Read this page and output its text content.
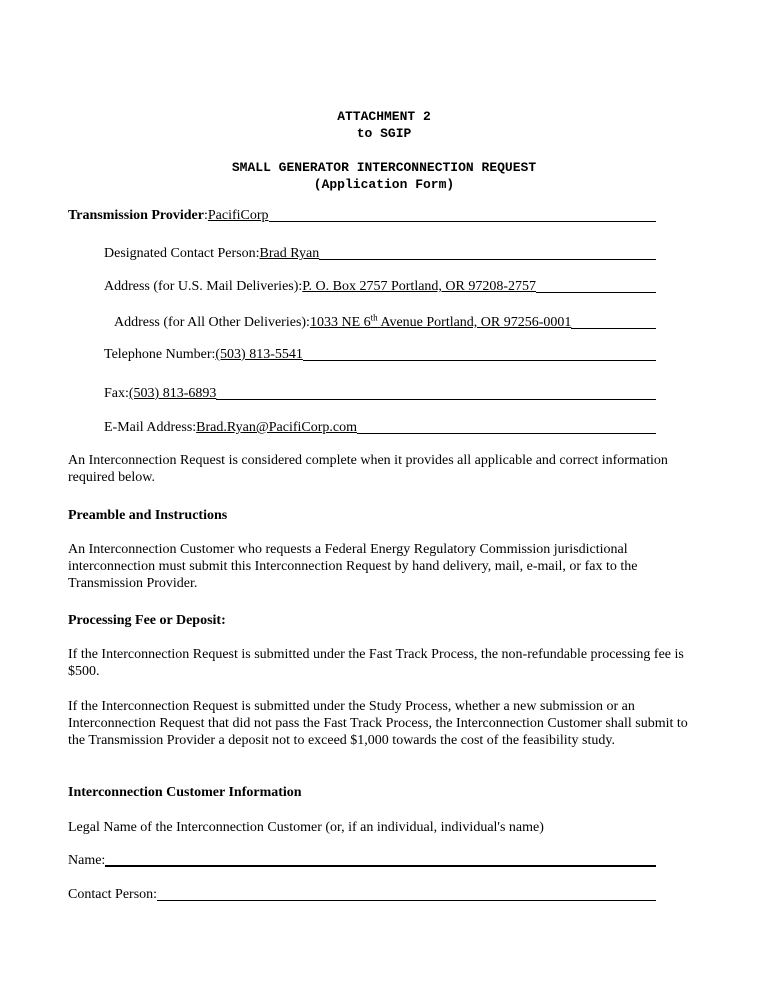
ATTACHMENT 2
to SGIP
SMALL GENERATOR INTERCONNECTION REQUEST
(Application Form)
Transmission Provider : PacifiCorp
Designated Contact Person: Brad Ryan
Address (for U.S. Mail Deliveries): P. O. Box 2757 Portland, OR 97208-2757
Address (for All Other Deliveries): 1033 NE 6th Avenue Portland, OR 97256-0001
Telephone Number: (503) 813-5541
Fax: (503) 813-6893
E-Mail Address: Brad.Ryan@PacifiCorp.com
An Interconnection Request is considered complete when it provides all applicable and correct information required below.
Preamble and Instructions
An Interconnection Customer who requests a Federal Energy Regulatory Commission jurisdictional interconnection must submit this Interconnection Request by hand delivery, mail, e-mail, or fax to the Transmission Provider.
Processing Fee or Deposit:
If the Interconnection Request is submitted under the Fast Track Process, the non-refundable processing fee is $500.
If the Interconnection Request is submitted under the Study Process, whether a new submission or an Interconnection Request that did not pass the Fast Track Process, the Interconnection Customer shall submit to the Transmission Provider a deposit not to exceed $1,000 towards the cost of the feasibility study.
Interconnection Customer Information
Legal Name of the Interconnection Customer (or, if an individual, individual's name)
Name:
Contact Person:
